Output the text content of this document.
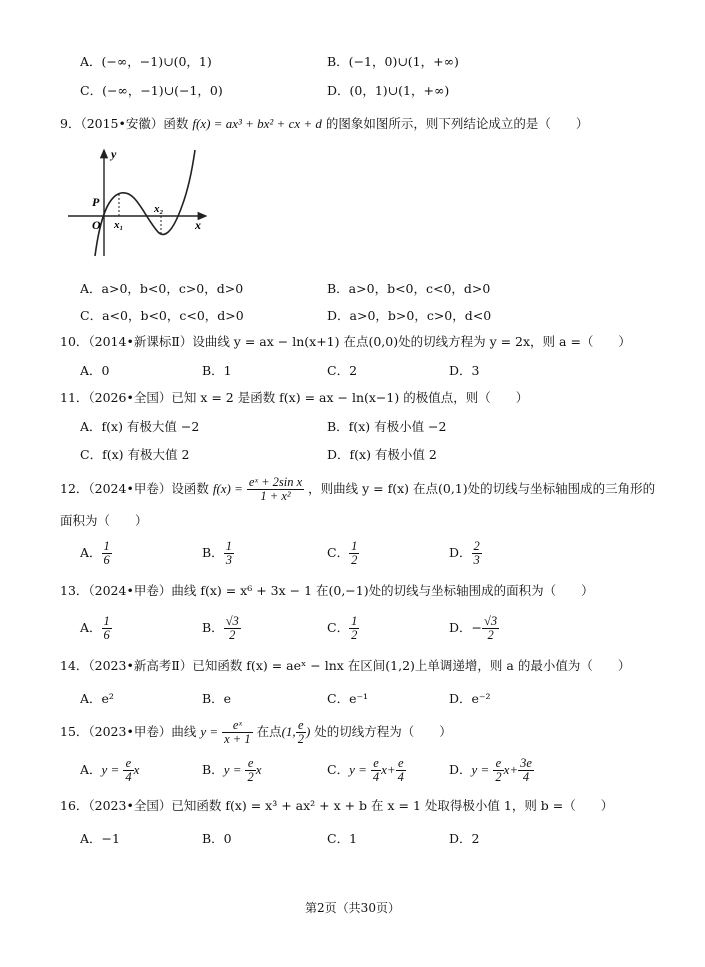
A．(−∞，−1)∪(0，1)	B．(−1，0)∪(1，+∞)
C．(−∞，−1)∪(−1，0)	D．(0，1)∪(1，+∞)
9．（2015•安徽）函数 f(x) = ax³ + bx² + cx + d 的图象如图所示，则下列结论成立的是（　　）
y
x
P
O x₁
x₂
A．a>0，b<0，c>0，d>0	B．a>0，b<0，c<0，d>0
C．a<0，b<0，c<0，d>0	D．a>0，b>0，c>0，d<0
10．（2014•新课标Ⅱ）设曲线 y = ax − ln(x+1) 在点(0,0)处的切线方程为 y = 2x，则 a =（　　）
A．0	B．1	C．2	D．3
11．（2026•全国）已知 x = 2 是函数 f(x) = ax − ln(x−1) 的极值点，则（　　）
A．f(x) 有极大值 −2	B．f(x) 有极小值 −2
C．f(x) 有极大值 2	D．f(x) 有极小值 2
12．（2024•甲卷）设函数 $f(x) = \frac{\text{eˣ + 2sin x}}{\text{1 + x²}}$ ，则曲线 y = f(x) 在点(0,1)处的切线与坐标轴围成的三角形的
面积为（　　）
A． $\frac{1}{6}$	B． $\frac{1}{3}$	C． $\frac{1}{2}$	D． $\frac{2}{3}$
13．（2024•甲卷）曲线 f(x) = x⁶ + 3x − 1 在(0,−1)处的切线与坐标轴围成的面积为（　　）
A． $\frac{1}{6}$	B． $\frac{√3}{2}$	C． $\frac{1}{2}$	D．− $\frac{√3}{2}$
14．（2023•新高考Ⅱ）已知函数 f(x) = aeˣ − lnx 在区间(1,2)上单调递增，则 a 的最小值为（　　）
A．e²	B．e	C．e⁻¹	D．e⁻²
15．（2023•甲卷）曲线 $y = \frac{\text{eˣ}}{x + 1}$ 在点(1, $\frac{e}{2}$ ) 处的切线方程为（　　）
A．$y = \frac{e}{4}$ x	B．$y = \frac{e}{2}$ x	C．$y = \frac{e}{4} x+ \frac{e}{4}$	D．$y = \frac{e}{2} x+ \frac{3e}{4}$
16．（2023•全国）已知函数 f(x) = x³ + ax² + x + b 在 x = 1 处取得极小值 1，则 b =（　　）
A．−1	B．0	C．1	D．2
第2页（共30页）
